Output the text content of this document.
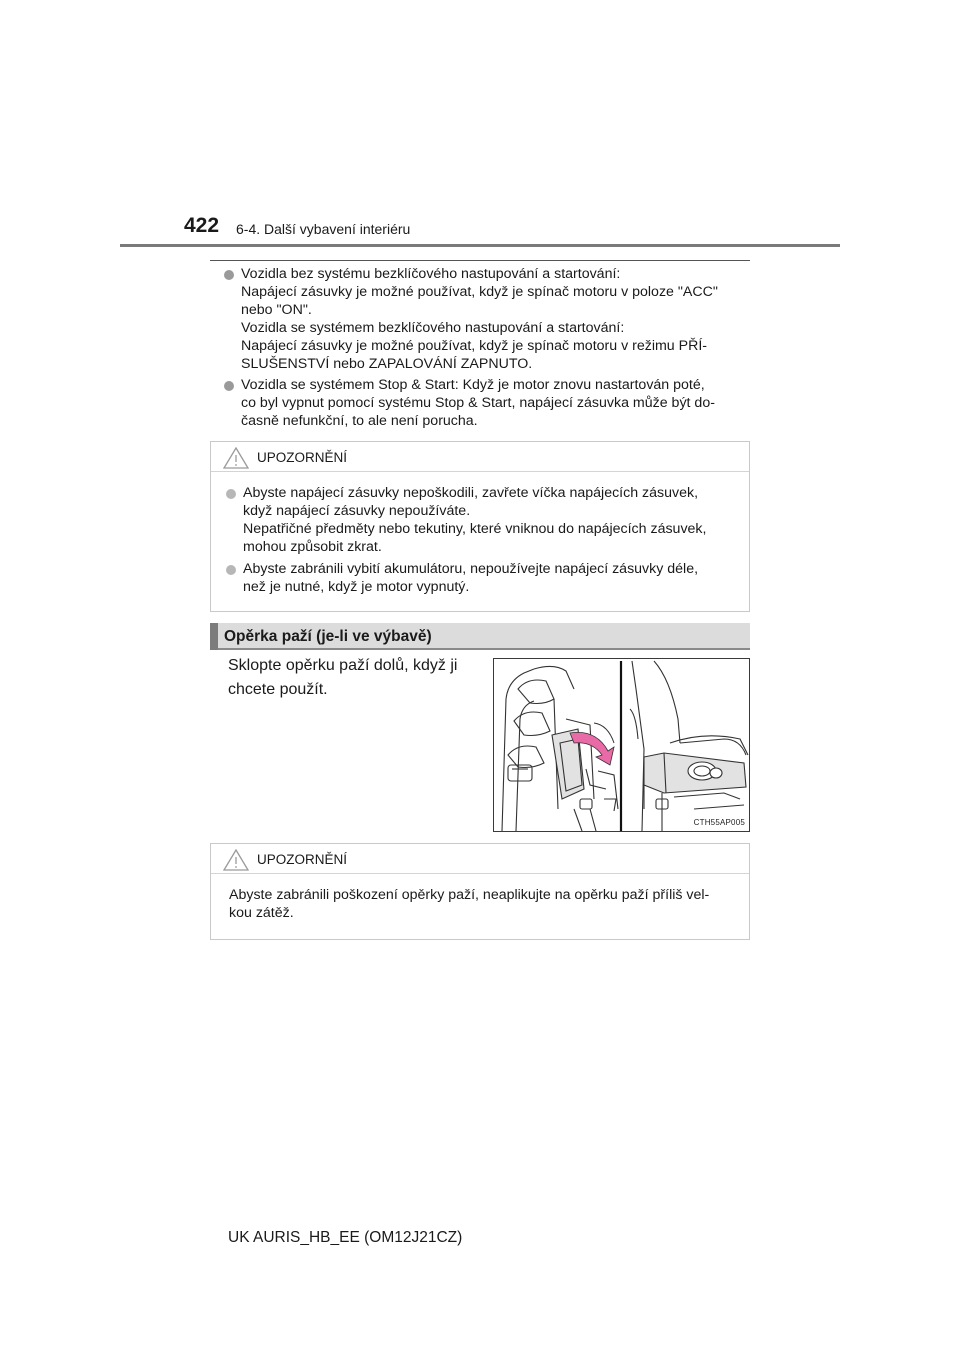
422 6-4. Další vybavení interiéru
Vozidla bez systému bezklíčového nastupování a startování:
Napájecí zásuvky je možné používat, když je spínač motoru v poloze "ACC"
nebo "ON".
Vozidla se systémem bezklíčového nastupování a startování:
Napájecí zásuvky je možné používat, když je spínač motoru v režimu PŘÍ-
SLUŠENSTVÍ nebo ZAPALOVÁNÍ ZAPNUTO.
Vozidla se systémem Stop & Start: Když je motor znovu nastartován poté,
co byl vypnut pomocí systému Stop & Start, napájecí zásuvka může být do-
časně nefunkční, to ale není porucha.
UPOZORNĚNÍ
Abyste napájecí zásuvky nepoškodili, zavřete víčka napájecích zásuvek,
když napájecí zásuvky nepoužíváte.
Nepatřičné předměty nebo tekutiny, které vniknou do napájecích zásuvek,
mohou způsobit zkrat.
Abyste zabránili vybití akumulátoru, nepoužívejte napájecí zásuvky déle,
než je nutné, když je motor vypnutý.
Opěrka paží (je-li ve výbavě)
Sklopte opěrku paží dolů, když ji
chcete použít.
CTH55AP005
UPOZORNĚNÍ
Abyste zabránili poškození opěrky paží, neaplikujte na opěrku paží příliš vel-
kou zátěž.
UK AURIS_HB_EE (OM12J21CZ)
